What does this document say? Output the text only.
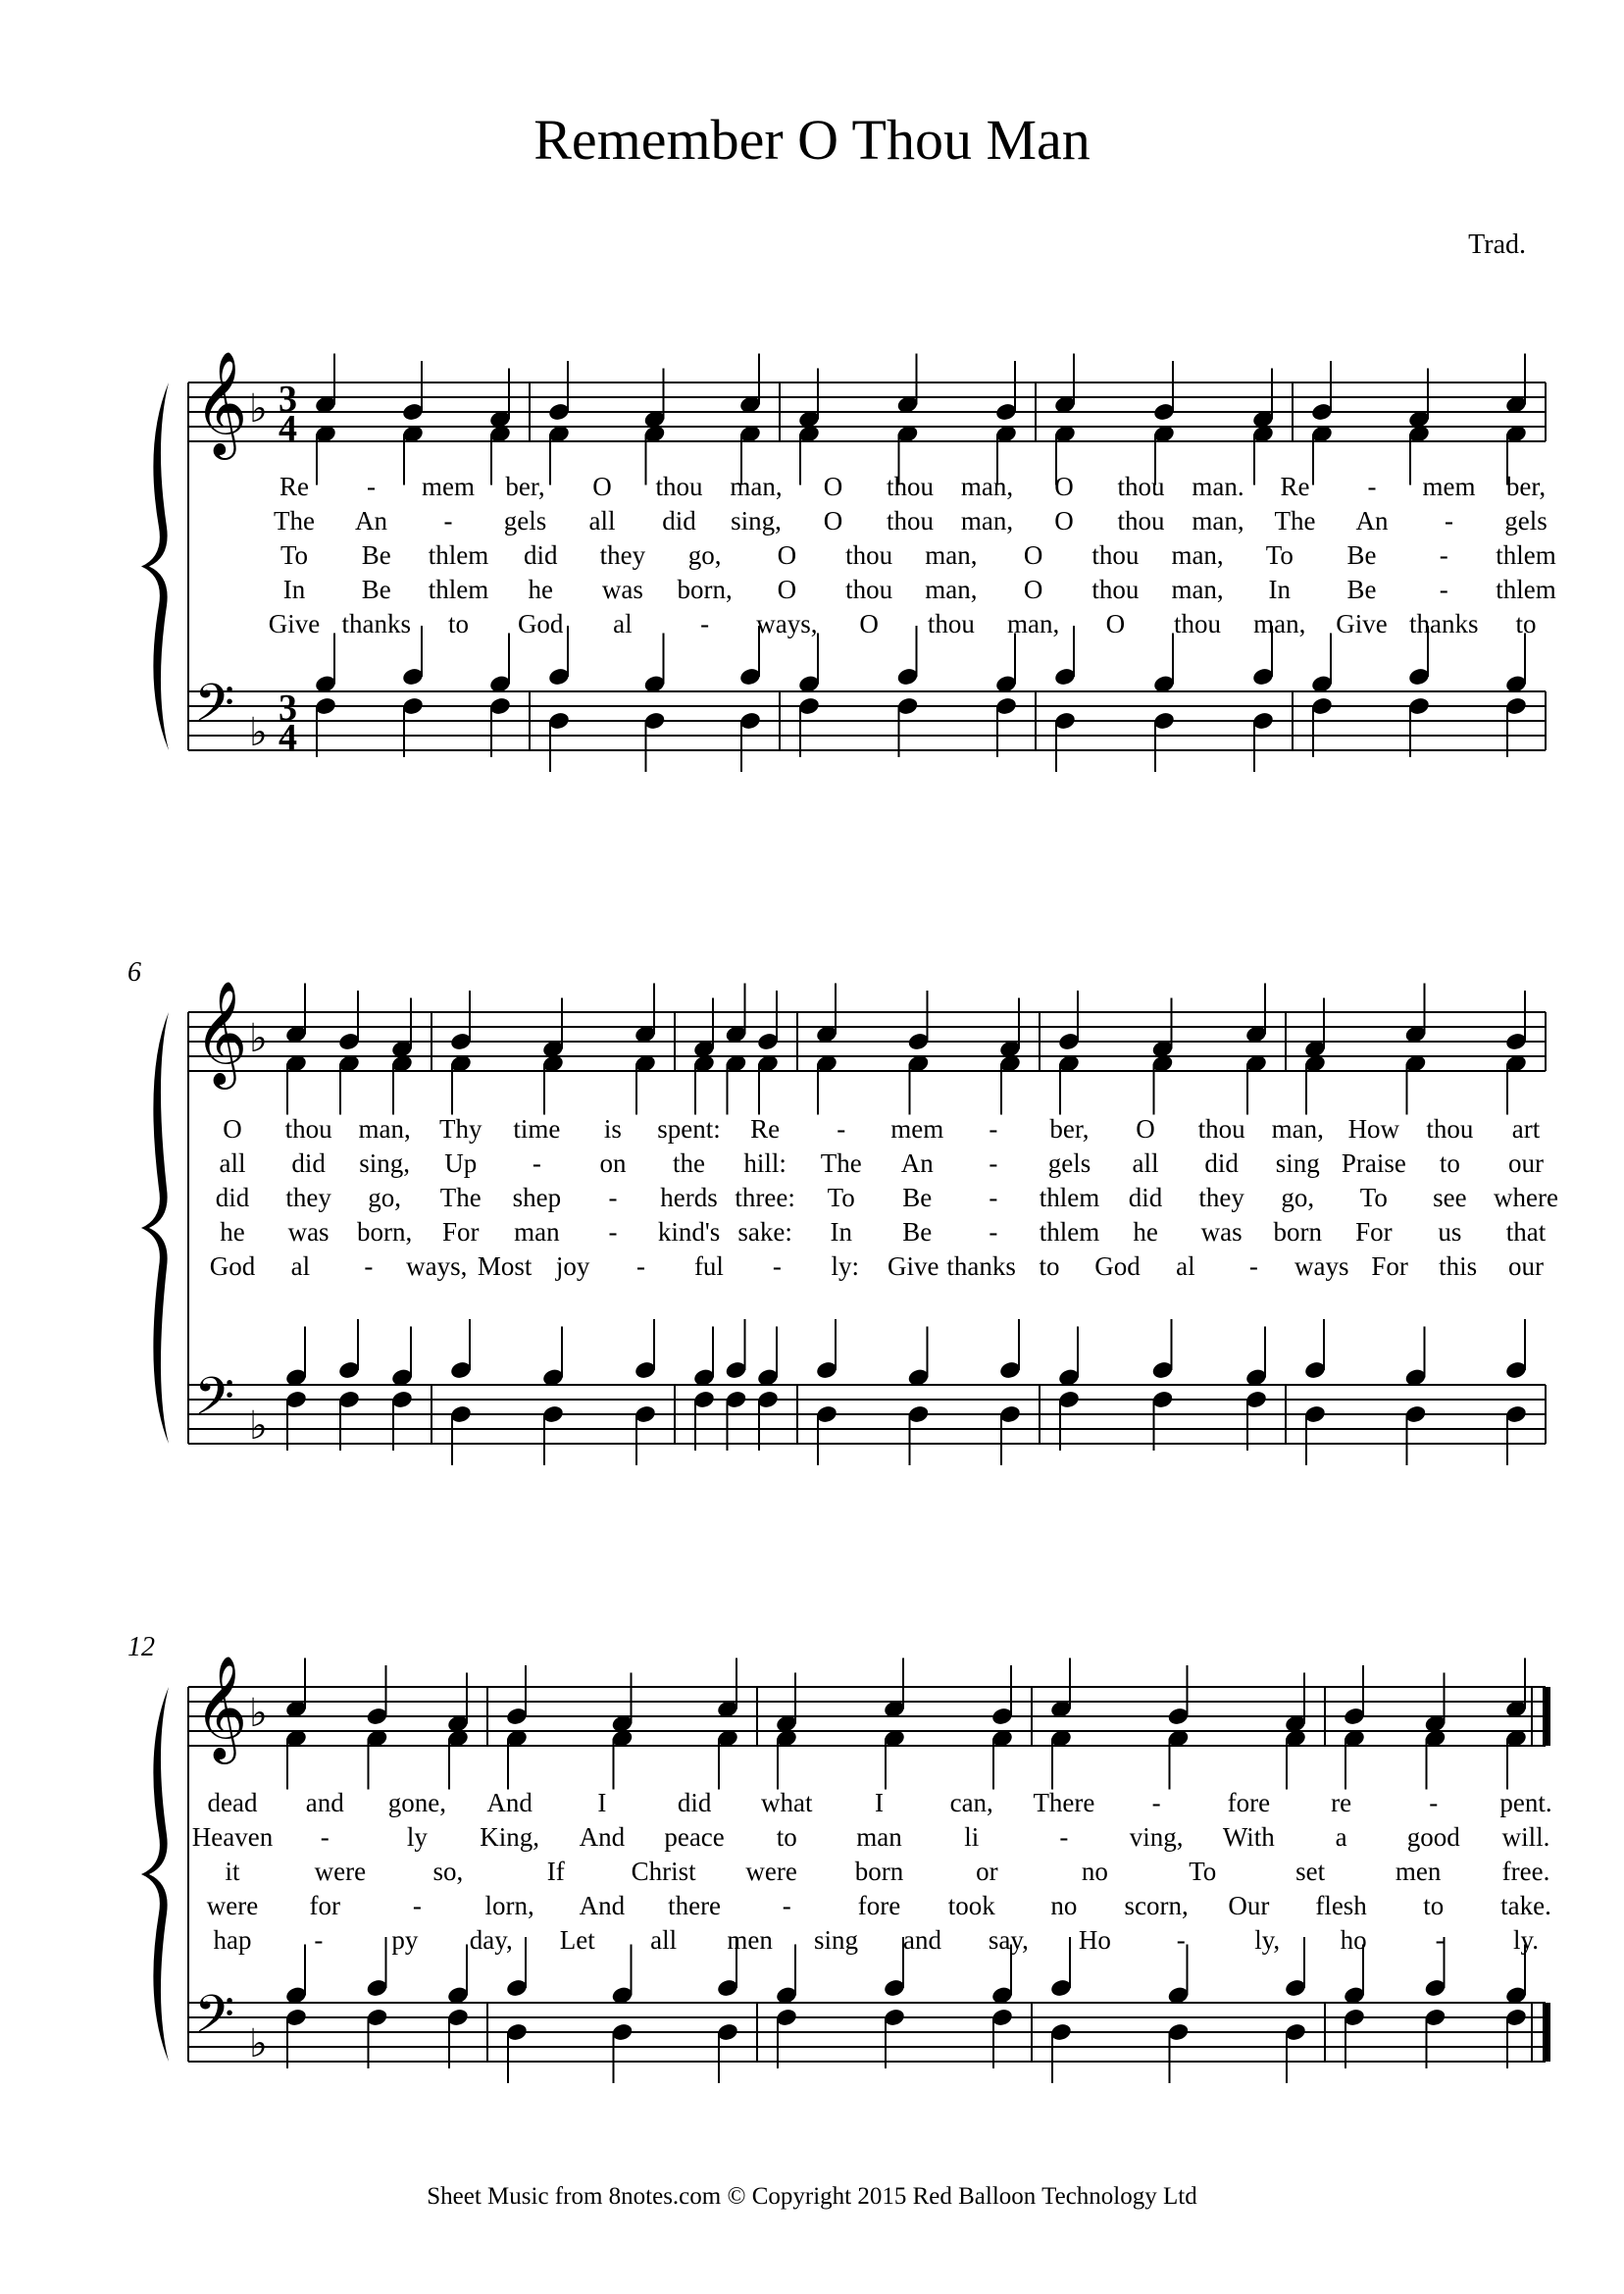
Remember O Thou Man
Trad.
𝄞
𝄢
♭
♭
3
4
3
4
Re - mem ber, O thou man, O thou man, O thou man. Re - mem ber,
The An - gels all did sing, O thou man, O thou man, The An - gels
To Be thlem did they go, O thou man, O thou man, To Be - thlem
In Be thlem he was born, O thou man, O thou man, In Be - thlem
Give thanks to God al	- ways, O thou man, O thou man, Give thanks to
𝄞
𝄢
♭
♭
6
O thou man, Thy time is spent: Re - mem - ber, O thou man, How thou art
all did sing, Up - on the hill: The An - gels all did sing Praise to our
did they go, The shep - herds three: To Be - thlem did they go, To see where
he was born, For man - kind's sake: In Be - thlem he was born For us that
God al - ways, Most joy - ful - ly: Give thanks to God al - ways For this our
𝄞
𝄢
♭
♭
12
dead and gone, And I	did what I	can, There -	fore re	- pent.
Heaven -	ly King, And peace to man li	- ving, With a good will.
it	were	so,	If	Christ were born	or	no	To	set	men free.
were for	- lorn, And there -	fore took no scorn, Our flesh to take.
hap -	py day, Let all men sing and say, Ho -	ly, ho	-	ly.
Sheet Music from 8notes.com © Copyright 2015 Red Balloon Technology Ltd
